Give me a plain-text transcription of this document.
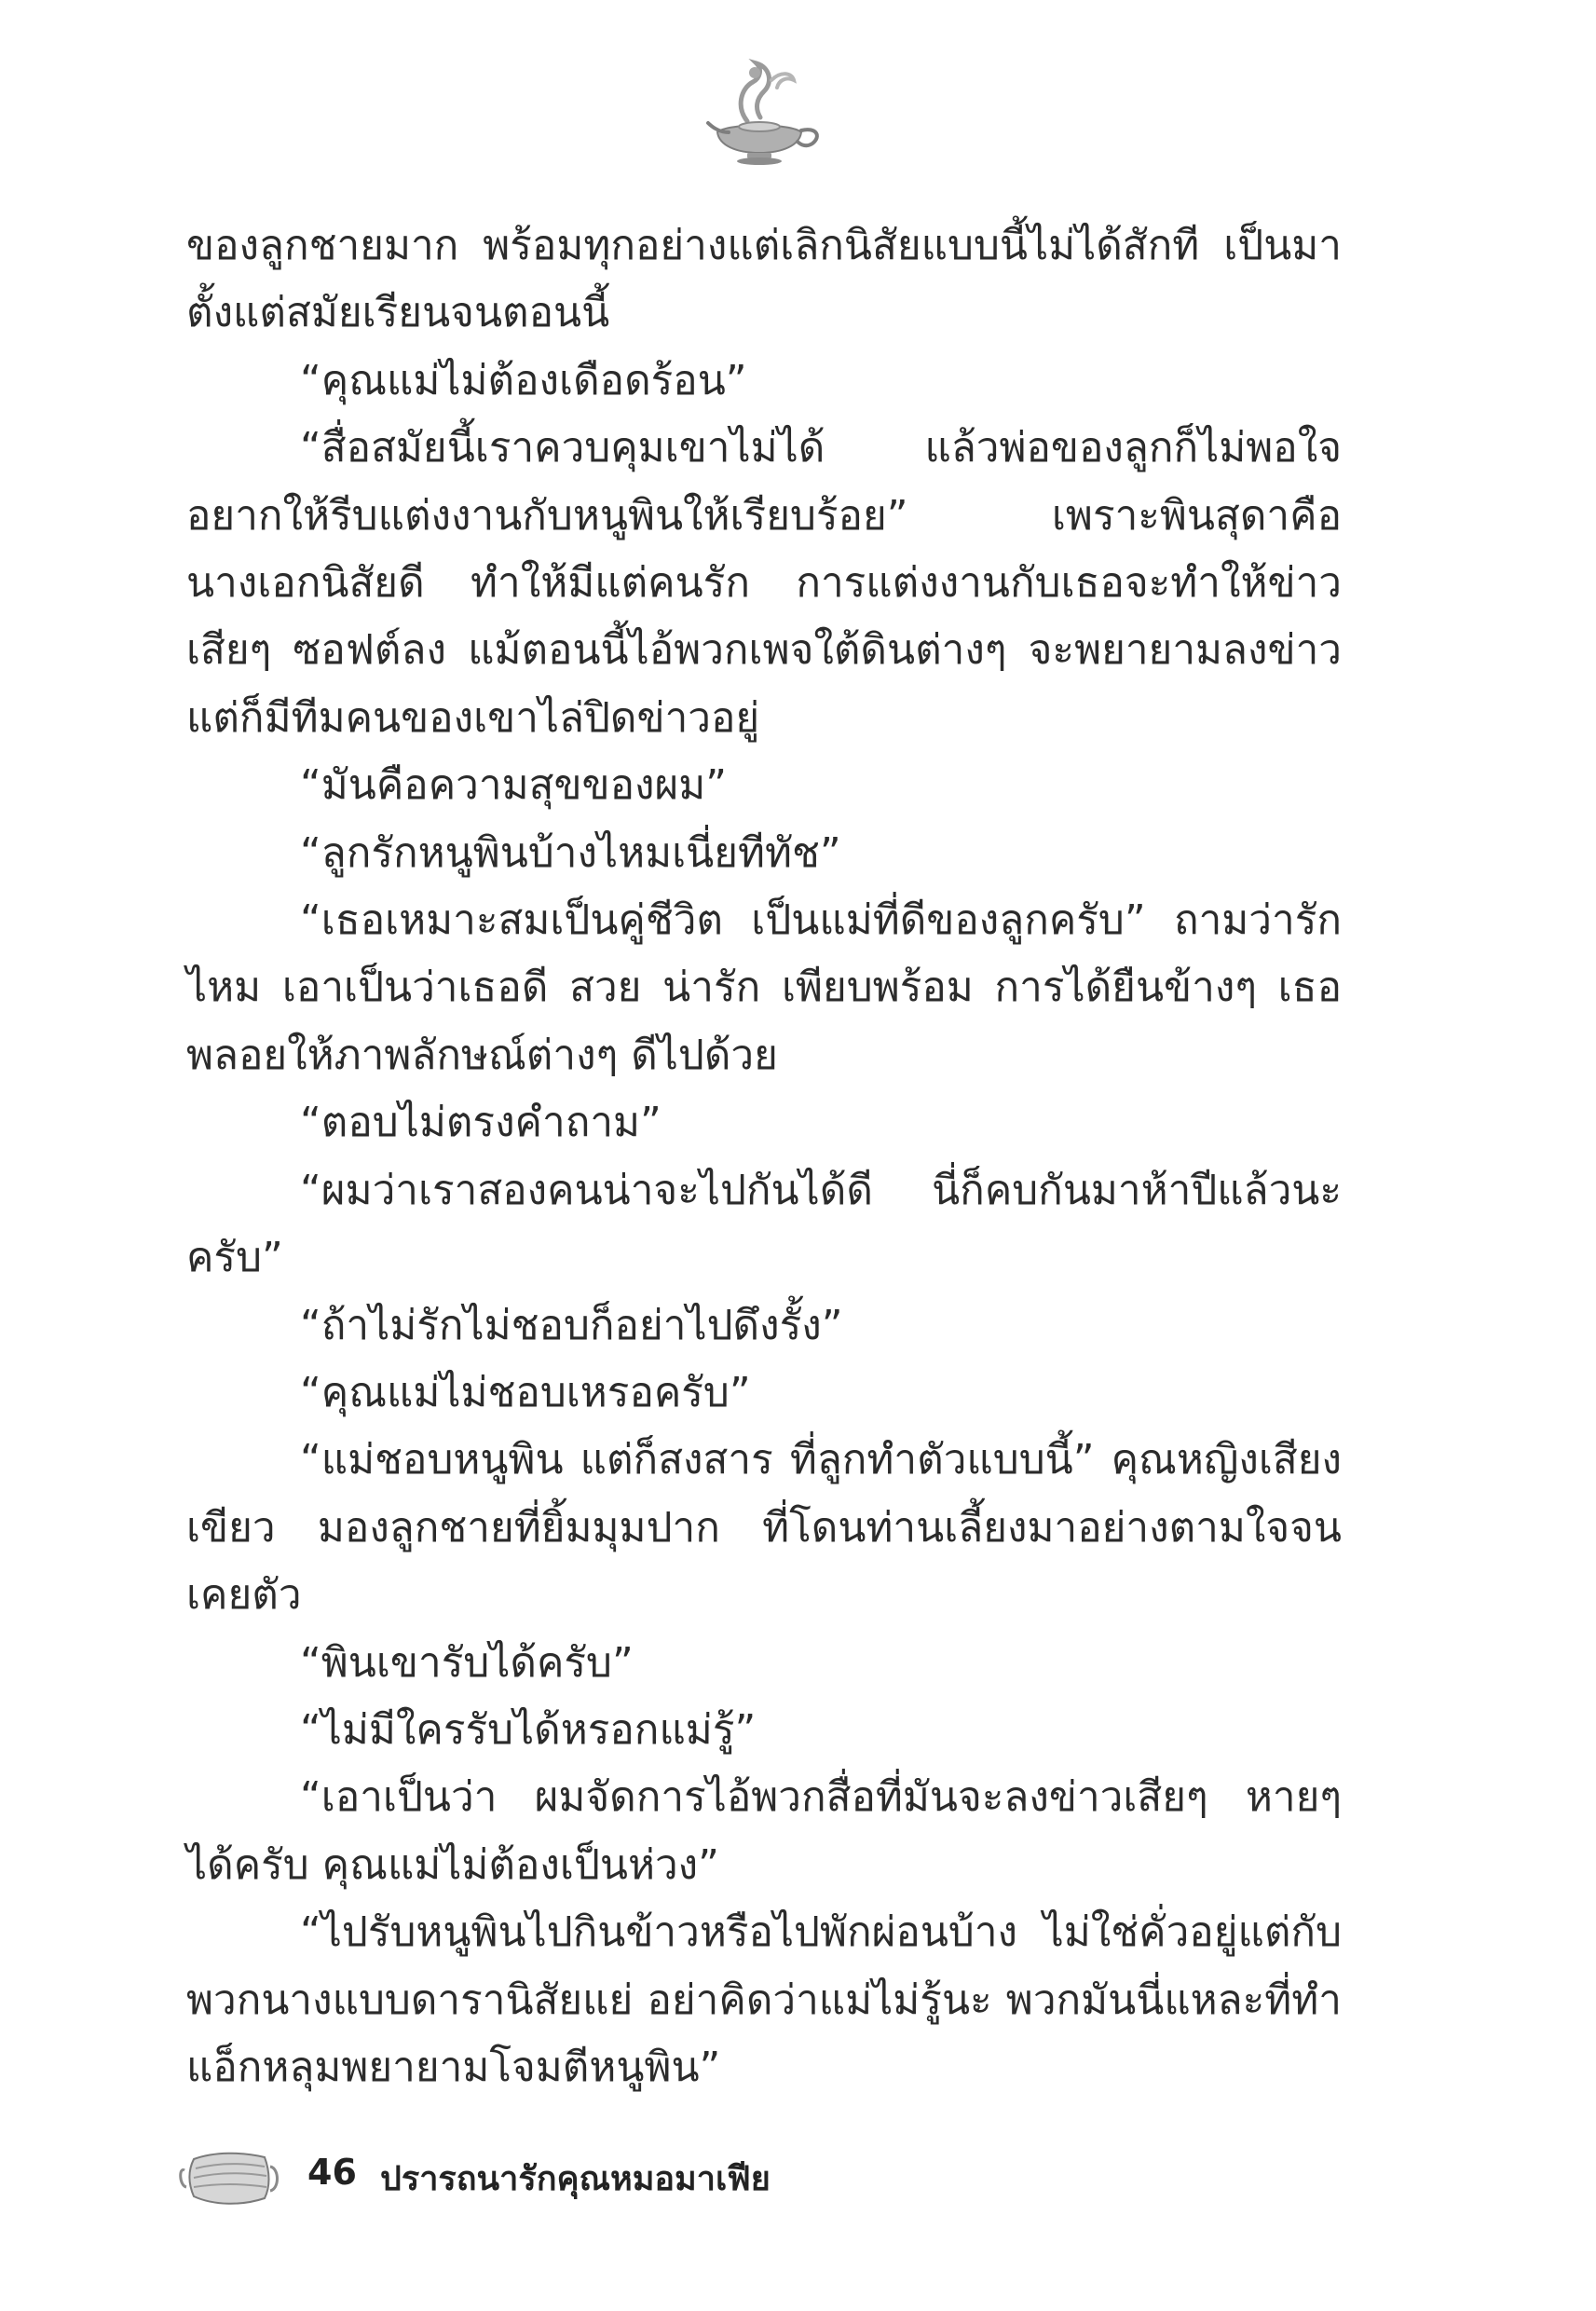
ของลูกชายมาก พร้อมทุกอย่างแต่เลิกนิสัยแบบนี้ไม่ได้สักที เป็นมาตั้งแต่สมัยเรียนจนตอนนี้

“คุณแม่ไม่ต้องเดือดร้อน”

“สื่อสมัยนี้เราควบคุมเขาไม่ได้ แล้วพ่อของลูกก็ไม่พอใจ อยากให้รีบแต่งงานกับหนูพินให้เรียบร้อย” เพราะพินสุดาคือนางเอกนิสัยดี ทำให้มีแต่คนรัก การแต่งงานกับเธอจะทำให้ข่าวเสียๆ ซอฟต์ลง แม้ตอนนี้ไอ้พวกเพจใต้ดินต่างๆ จะพยายามลงข่าว แต่ก็มีทีมคนของเขาไล่ปิดข่าวอยู่

“มันคือความสุขของผม”

“ลูกรักหนูพินบ้างไหมเนี่ยทีทัช”

“เธอเหมาะสมเป็นคู่ชีวิต เป็นแม่ที่ดีของลูกครับ” ถามว่ารักไหม เอาเป็นว่าเธอดี สวย น่ารัก เพียบพร้อม การได้ยืนข้างๆ เธอพลอยให้ภาพลักษณ์ต่างๆ ดีไปด้วย

“ตอบไม่ตรงคำถาม”

“ผมว่าเราสองคนน่าจะไปกันได้ดี นี่ก็คบกันมาห้าปีแล้วนะครับ”

“ถ้าไม่รักไม่ชอบก็อย่าไปดึงรั้ง”

“คุณแม่ไม่ชอบเหรอครับ”

“แม่ชอบหนูพิน แต่ก็สงสาร ที่ลูกทำตัวแบบนี้” คุณหญิงเสียงเขียว มองลูกชายที่ยิ้มมุมปาก ที่โดนท่านเลี้ยงมาอย่างตามใจจนเคยตัว

“พินเขารับได้ครับ”

“ไม่มีใครรับได้หรอกแม่รู้”

“เอาเป็นว่า ผมจัดการไอ้พวกสื่อที่มันจะลงข่าวเสียๆ หายๆ ได้ครับ คุณแม่ไม่ต้องเป็นห่วง”

“ไปรับหนูพินไปกินข้าวหรือไปพักผ่อนบ้าง ไม่ใช่คั่วอยู่แต่กับพวกนางแบบดารานิสัยแย่ อย่าคิดว่าแม่ไม่รู้นะ พวกมันนี่แหละที่ทำแอ็กหลุมพยายามโจมตีหนูพิน”

46 ปรารถนารักคุณหมอมาเฟีย
